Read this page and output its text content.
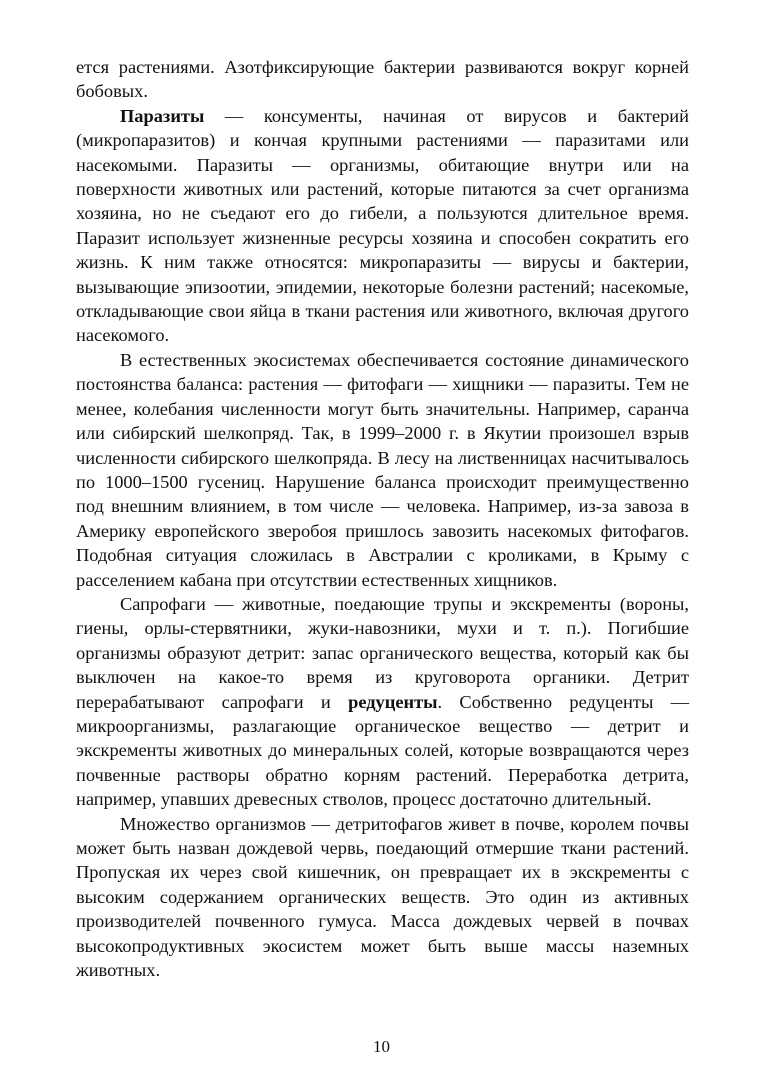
ется растениями. Азотфиксирующие бактерии развиваются вокруг корней бобовых.

Паразиты — консументы, начиная от вирусов и бактерий (микропаразитов) и кончая крупными растениями — паразитами или насекомыми. Паразиты — организмы, обитающие внутри или на поверхности животных или растений, которые питаются за счет организма хозяина, но не съедают его до гибели, а пользуются длительное время. Паразит использует жизненные ресурсы хозяина и способен сократить его жизнь. К ним также относятся: микропаразиты — вирусы и бактерии, вызывающие эпизоотии, эпидемии, некоторые болезни растений; насекомые, откладывающие свои яйца в ткани растения или животного, включая другого насекомого.

В естественных экосистемах обеспечивается состояние динамического постоянства баланса: растения — фитофаги — хищники — паразиты. Тем не менее, колебания численности могут быть значительны. Например, саранча или сибирский шелкопряд. Так, в 1999–2000 г. в Якутии произошел взрыв численности сибирского шелкопряда. В лесу на лиственницах насчитывалось по 1000–1500 гусениц. Нарушение баланса происходит преимущественно под внешним влиянием, в том числе — человека. Например, из-за завоза в Америку европейского зверобоя пришлось завозить насекомых фитофагов. Подобная ситуация сложилась в Австралии с кроликами, в Крыму с расселением кабана при отсутствии естественных хищников.

Сапрофаги — животные, поедающие трупы и экскременты (вороны, гиены, орлы-стервятники, жуки-навозники, мухи и т. п.). Погибшие организмы образуют детрит: запас органического вещества, который как бы выключен на какое-то время из круговорота органики. Детрит перерабатывают сапрофаги и редуценты. Собственно редуценты — микроорганизмы, разлагающие органическое вещество — детрит и экскременты животных до минеральных солей, которые возвращаются через почвенные растворы обратно корням растений. Переработка детрита, например, упавших древесных стволов, процесс достаточно длительный.

Множество организмов — детритофагов живет в почве, королем почвы может быть назван дождевой червь, поедающий отмершие ткани растений. Пропуская их через свой кишечник, он превращает их в экскременты с высоким содержанием органических веществ. Это один из активных производителей почвенного гумуса. Масса дождевых червей в почвах высокопродуктивных экосистем может быть выше массы наземных животных.

10
